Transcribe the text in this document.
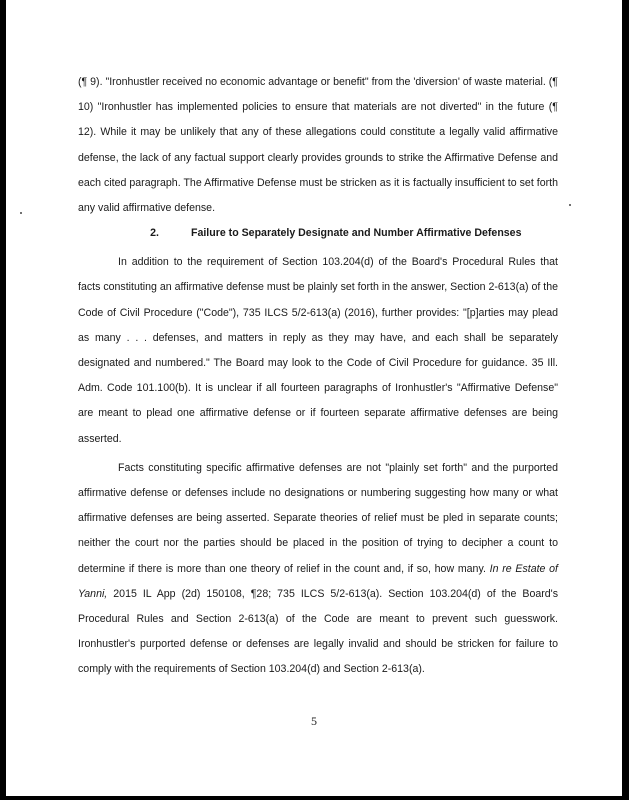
(¶ 9). "Ironhustler received no economic advantage or benefit" from the 'diversion' of waste material. (¶ 10) "Ironhustler has implemented policies to ensure that materials are not diverted" in the future (¶ 12). While it may be unlikely that any of these allegations could constitute a legally valid affirmative defense, the lack of any factual support clearly provides grounds to strike the Affirmative Defense and each cited paragraph. The Affirmative Defense must be stricken as it is factually insufficient to set forth any valid affirmative defense.

2.	Failure to Separately Designate and Number Affirmative Defenses

In addition to the requirement of Section 103.204(d) of the Board's Procedural Rules that facts constituting an affirmative defense must be plainly set forth in the answer, Section 2-613(a) of the Code of Civil Procedure ("Code"), 735 ILCS 5/2-613(a) (2016), further provides: "[p]arties may plead as many . . . defenses, and matters in reply as they may have, and each shall be separately designated and numbered." The Board may look to the Code of Civil Procedure for guidance. 35 Ill. Adm. Code 101.100(b). It is unclear if all fourteen paragraphs of Ironhustler's "Affirmative Defense" are meant to plead one affirmative defense or if fourteen separate affirmative defenses are being asserted.

Facts constituting specific affirmative defenses are not "plainly set forth" and the purported affirmative defense or defenses include no designations or numbering suggesting how many or what affirmative defenses are being asserted. Separate theories of relief must be pled in separate counts; neither the court nor the parties should be placed in the position of trying to decipher a count to determine if there is more than one theory of relief in the count and, if so, how many. In re Estate of Yanni, 2015 IL App (2d) 150108, ¶28; 735 ILCS 5/2-613(a). Section 103.204(d) of the Board's Procedural Rules and Section 2-613(a) of the Code are meant to prevent such guesswork. Ironhustler's purported defense or defenses are legally invalid and should be stricken for failure to comply with the requirements of Section 103.204(d) and Section 2-613(a).

5
